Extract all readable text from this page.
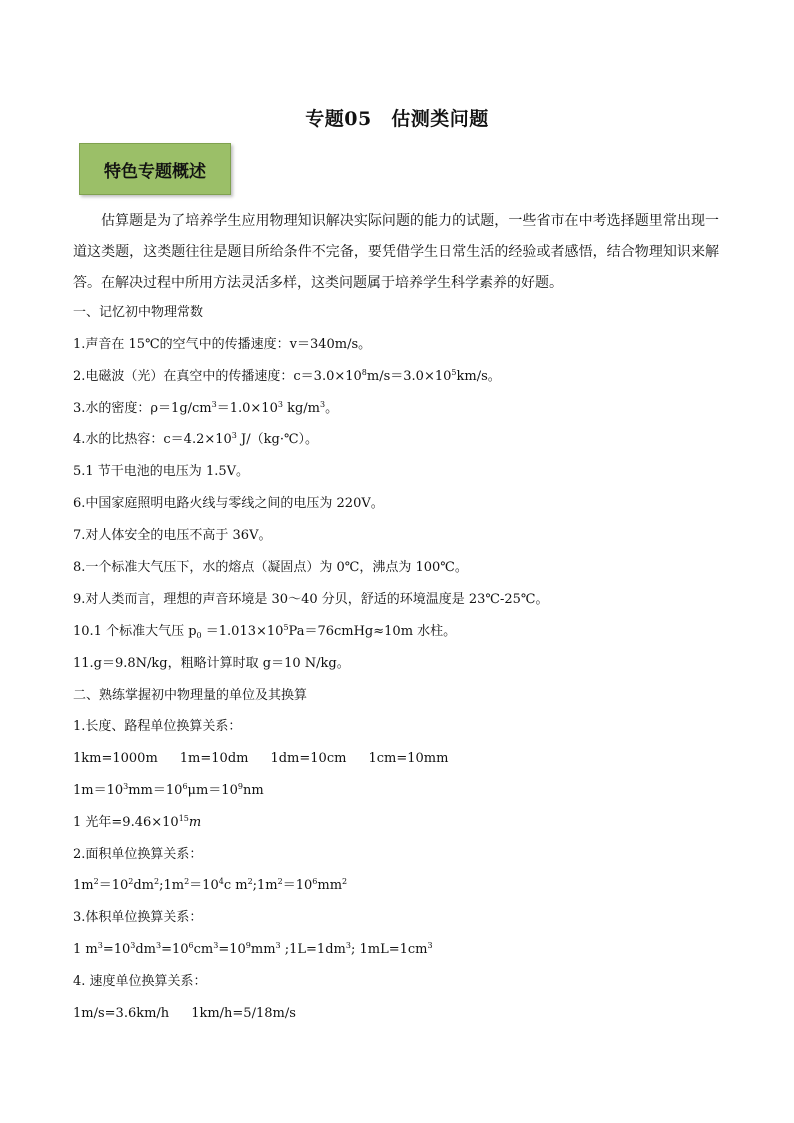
专题05　估测类问题
特色专题概述
估算题是为了培养学生应用物理知识解决实际问题的能力的试题，一些省市在中考选择题里常出现一道这类题，这类题往往是题目所给条件不完备，要凭借学生日常生活的经验或者感悟，结合物理知识来解答。在解决过程中所用方法灵活多样，这类问题属于培养学生科学素养的好题。
一、记忆初中物理常数
1.声音在 15℃的空气中的传播速度：v＝340m/s。
2.电磁波（光）在真空中的传播速度：$c=3.0\times 10^8m/s=3.0\times 10^5km/s$。
3.水的密度：$\rho=1g/cm^3=1.0\times 10^3$ $kg/m^3$。
4.水的比热容：$c=4.2\times 10^3$ J/（kg·℃）。
5.1 节干电池的电压为 1.5V。
6.中国家庭照明电路火线与零线之间的电压为 220V。
7.对人体安全的电压不高于 36V。
8.一个标准大气压下，水的熔点（凝固点）为 0℃，沸点为 100℃。
9.对人类而言，理想的声音环境是 30～40 分贝，舒适的环境温度是 23℃-25℃。
10.1 个标准大气压 $p_0$ $=1.013\times 10^5Pa=76cmHg\approx 10m$ 水柱。
11.g＝9.8N/kg，粗略计算时取 g＝10 N/kg。
二、熟练掌握初中物理量的单位及其换算
1.长度、路程单位换算关系：
1km=1000m 1m=10dm 1dm=10cm 1cm=10mm
$1m=10^3mm=10^6\mu m=10^9nm$
1 光年$=9.46\times 10^{15}m$
2.面积单位换算关系：
$1m^2=10^2dm^2;1m^2=10^4c$ $m^2;1m^2=10^6mm^2$
3.体积单位换算关系：
1 $m^3=10^3dm^3=10^6cm^3=10^9mm^3$ $;1L=1dm^3$; $1mL=1cm^3$
4. 速度单位换算关系：
1m/s=3.6km/h 1km/h=5/18m/s
